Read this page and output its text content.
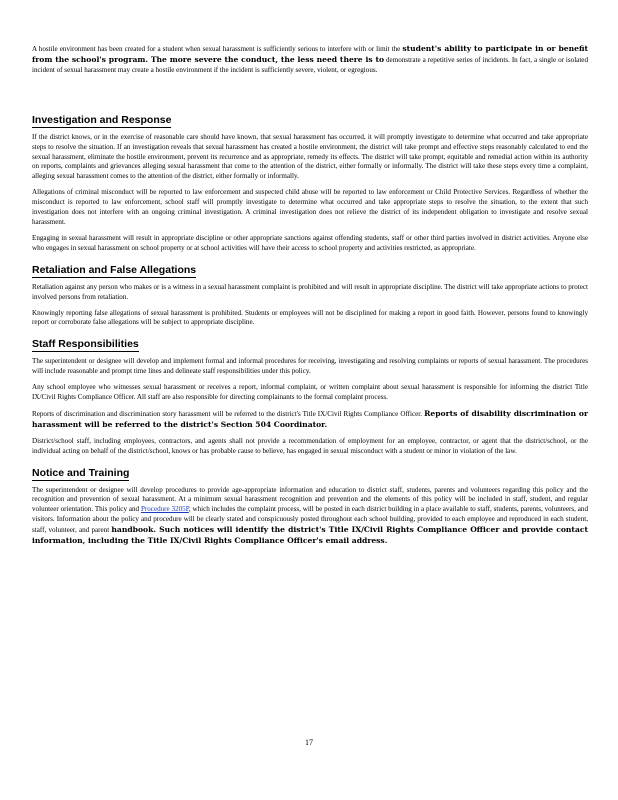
A hostile environment has been created for a student when sexual harassment is sufficiently serious to interfere with or limit the student's ability to participate in or benefit from the school's program. The more severe the conduct, the less need there is to demonstrate a repetitive series of incidents. In fact, a single or isolated incident of sexual harassment may create a hostile environment if the incident is sufficiently severe, violent, or egregious.

Investigation and Response

If the district knows, or in the exercise of reasonable care should have known, that sexual harassment has occurred, it will promptly investigate to determine what occurred and take appropriate steps to resolve the situation. If an investigation reveals that sexual harassment has created a hostile environment, the district will take prompt and effective steps reasonably calculated to end the sexual harassment, eliminate the hostile environment, prevent its recurrence and as appropriate, remedy its effects. The district will take prompt, equitable and remedial action within its authority on reports, complaints and grievances alleging sexual harassment that come to the attention of the district, either formally or informally. The district will take these steps every time a complaint, alleging sexual harassment comes to the attention of the district, either formally or informally.

Allegations of criminal misconduct will be reported to law enforcement and suspected child abuse will be reported to law enforcement or Child Protective Services. Regardless of whether the misconduct is reported to law enforcement, school staff will promptly investigate to determine what occurred and take appropriate steps to resolve the situation, to the extent that such investigation does not interfere with an ongoing criminal investigation. A criminal investigation does not relieve the district of its independent obligation to investigate and resolve sexual harassment.

Engaging in sexual harassment will result in appropriate discipline or other appropriate sanctions against offending students, staff or other third parties involved in district activities. Anyone else who engages in sexual harassment on school property or at school activities will have their access to school property and activities restricted, as appropriate.

Retaliation and False Allegations

Retaliation against any person who makes or is a witness in a sexual harassment complaint is prohibited and will result in appropriate discipline. The district will take appropriate actions to protect involved persons from retaliation.

Knowingly reporting false allegations of sexual harassment is prohibited. Students or employees will not be disciplined for making a report in good faith. However, persons found to knowingly report or corroborate false allegations will be subject to appropriate discipline.

Staff Responsibilities

The superintendent or designee will develop and implement formal and informal procedures for receiving, investigating and resolving complaints or reports of sexual harassment. The procedures will include reasonable and prompt time lines and delineate staff responsibilities under this policy.

Any school employee who witnesses sexual harassment or receives a report, informal complaint, or written complaint about sexual harassment is responsible for informing the district Title IX/Civil Rights Compliance Officer. All staff are also responsible for directing complainants to the formal complaint process.

Reports of discrimination and discrimination story harassment will be referred to the district's Title IX/Civil Rights Compliance Officer. Reports of disability discrimination or harassment will be referred to the district's Section 504 Coordinator.

District/school staff, including employees, contractors, and agents shall not provide a recommendation of employment for an employee, contractor, or agent that the district/school, or the individual acting on behalf of the district/school, knows or has probable cause to believe, has engaged in sexual misconduct with a student or minor in violation of the law.

Notice and Training

The superintendent or designee will develop procedures to provide age-appropriate information and education to district staff, students, parents and volunteers regarding this policy and the recognition and prevention of sexual harassment. At a minimum sexual harassment recognition and prevention and the elements of this policy will be included in staff, student, and regular volunteer orientation. This policy and Procedure 3205P, which includes the complaint process, will be posted in each district building in a place available to staff, students, parents, volunteers, and visitors. Information about the policy and procedure will be clearly stated and conspicuously posted throughout each school building, provided to each employee and reproduced in each student, staff, volunteer, and parent handbook. Such notices will identify the district's Title IX/Civil Rights Compliance Officer and provide contact information, including the Title IX/Civil Rights Compliance Officer's email address.

17
